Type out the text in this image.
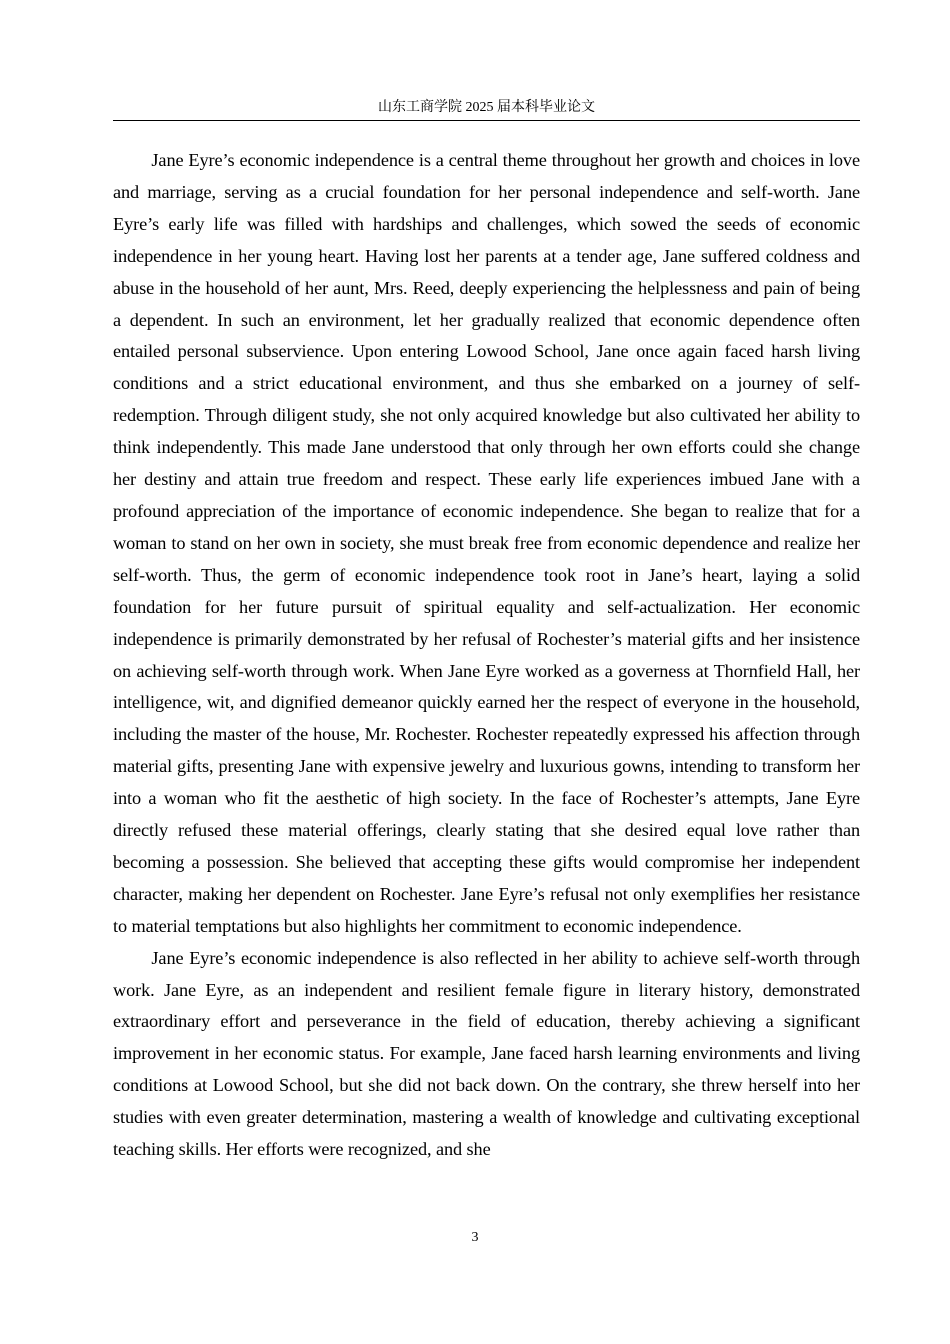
山东工商学院 2025 届本科毕业论文

Jane Eyre’s economic independence is a central theme throughout her growth and choices in love and marriage, serving as a crucial foundation for her personal independence and self-worth. Jane Eyre’s early life was filled with hardships and challenges, which sowed the seeds of economic independence in her young heart. Having lost her parents at a tender age, Jane suffered coldness and abuse in the household of her aunt, Mrs. Reed, deeply experiencing the helplessness and pain of being a dependent. In such an environment, let her gradually realized that economic dependence often entailed personal subservience. Upon entering Lowood School, Jane once again faced harsh living conditions and a strict educational environment, and thus she embarked on a journey of self-redemption. Through diligent study, she not only acquired knowledge but also cultivated her ability to think independently. This made Jane understood that only through her own efforts could she change her destiny and attain true freedom and respect. These early life experiences imbued Jane with a profound appreciation of the importance of economic independence. She began to realize that for a woman to stand on her own in society, she must break free from economic dependence and realize her self-worth. Thus, the germ of economic independence took root in Jane’s heart, laying a solid foundation for her future pursuit of spiritual equality and self-actualization. Her economic independence is primarily demonstrated by her refusal of Rochester’s material gifts and her insistence on achieving self-worth through work. When Jane Eyre worked as a governess at Thornfield Hall, her intelligence, wit, and dignified demeanor quickly earned her the respect of everyone in the household, including the master of the house, Mr. Rochester. Rochester repeatedly expressed his affection through material gifts, presenting Jane with expensive jewelry and luxurious gowns, intending to transform her into a woman who fit the aesthetic of high society. In the face of Rochester’s attempts, Jane Eyre directly refused these material offerings, clearly stating that she desired equal love rather than becoming a possession. She believed that accepting these gifts would compromise her independent character, making her dependent on Rochester. Jane Eyre’s refusal not only exemplifies her resistance to material temptations but also highlights her commitment to economic independence.

Jane Eyre’s economic independence is also reflected in her ability to achieve self-worth through work. Jane Eyre, as an independent and resilient female figure in literary history, demonstrated extraordinary effort and perseverance in the field of education, thereby achieving a significant improvement in her economic status. For example, Jane faced harsh learning environments and living conditions at Lowood School, but she did not back down. On the contrary, she threw herself into her studies with even greater determination, mastering a wealth of knowledge and cultivating exceptional teaching skills. Her efforts were recognized, and she

3
